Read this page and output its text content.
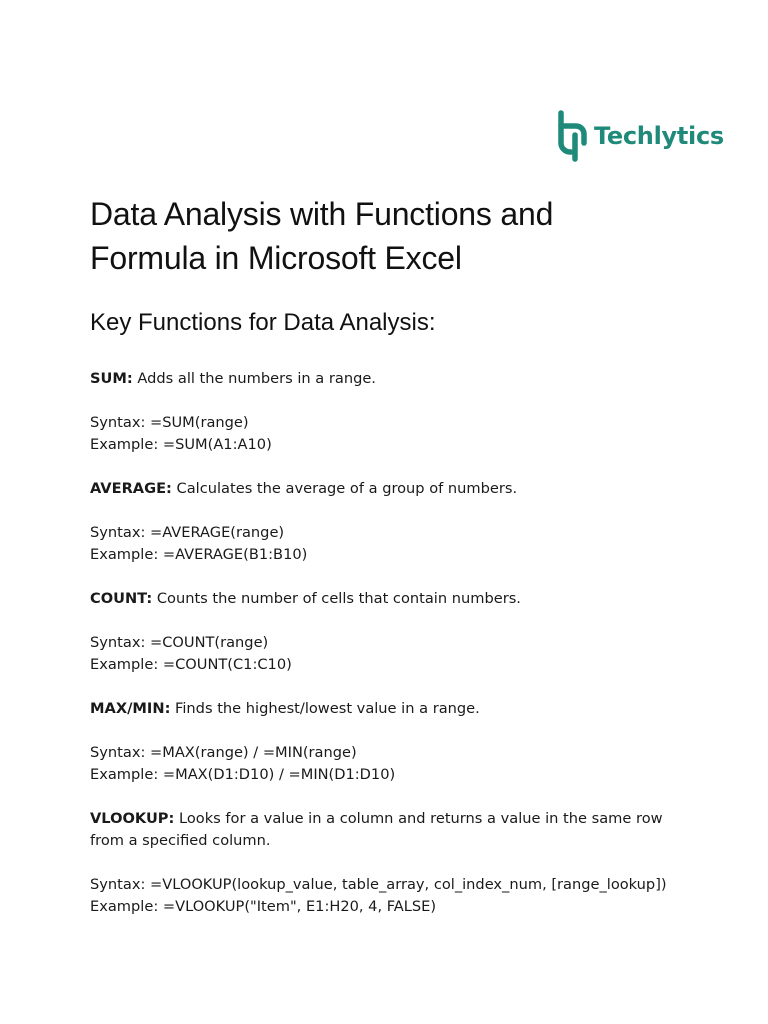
Techlytics
Data Analysis with Functions and Formula in Microsoft Excel
Key Functions for Data Analysis:

SUM: Adds all the numbers in a range.

Syntax: =SUM(range)

Example: =SUM(A1:A10)

AVERAGE: Calculates the average of a group of numbers.

Syntax: =AVERAGE(range)

Example: =AVERAGE(B1:B10)

COUNT: Counts the number of cells that contain numbers.

Syntax: =COUNT(range)

Example: =COUNT(C1:C10)

MAX/MIN: Finds the highest/lowest value in a range.

Syntax: =MAX(range) / =MIN(range)

Example: =MAX(D1:D10) / =MIN(D1:D10)

VLOOKUP: Looks for a value in a column and returns a value in the same row from a specified column.

Syntax: =VLOOKUP(lookup_value, table_array, col_index_num, [range_lookup])

Example: =VLOOKUP("Item", E1:H20, 4, FALSE)
